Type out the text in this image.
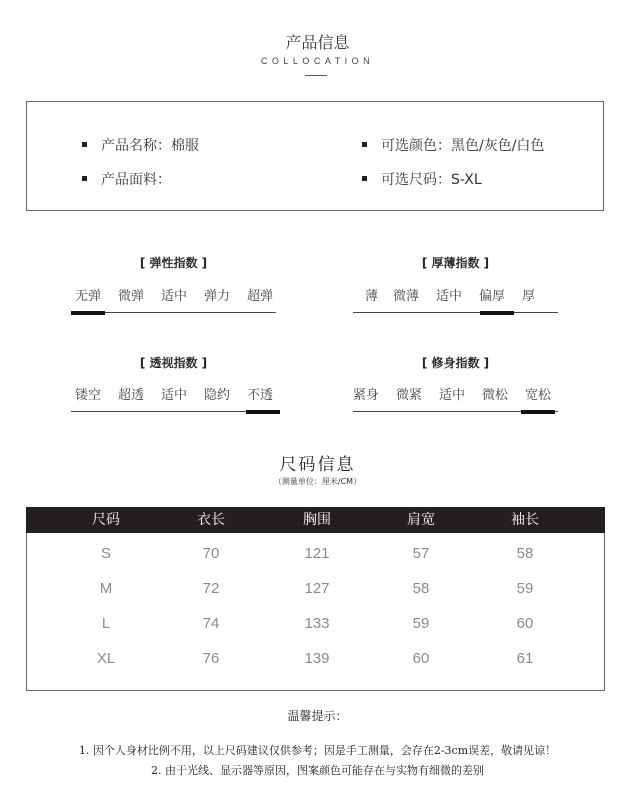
产品信息
COLLOCATION
产品名称：棉服
产品面料：
可选颜色：黑色/灰色/白色
可选尺码：S-XL
[ 弹性指数 ]
无弹 微弹 适中 弹力 超弹
[ 厚薄指数 ]
薄 微薄 适中 偏厚 厚
[ 透视指数 ]
镂空 超透 适中 隐约 不透
[ 修身指数 ]
紧身 微紧 适中 微松 宽松
尺码信息
（测量单位：厘米/CM）
尺码	衣长	胸围	肩宽	袖长
S	70	121	57	58
M	72	127	58	59
L	74	133	59	60
XL	76	139	60	61
温馨提示：
1. 因个人身材比例不用，以上尺码建议仅供参考；因是手工测量，会存在2-3cm误差，敬请见谅！
2. 由于光线、显示器等原因，图案颜色可能存在与实物有细微的差别
